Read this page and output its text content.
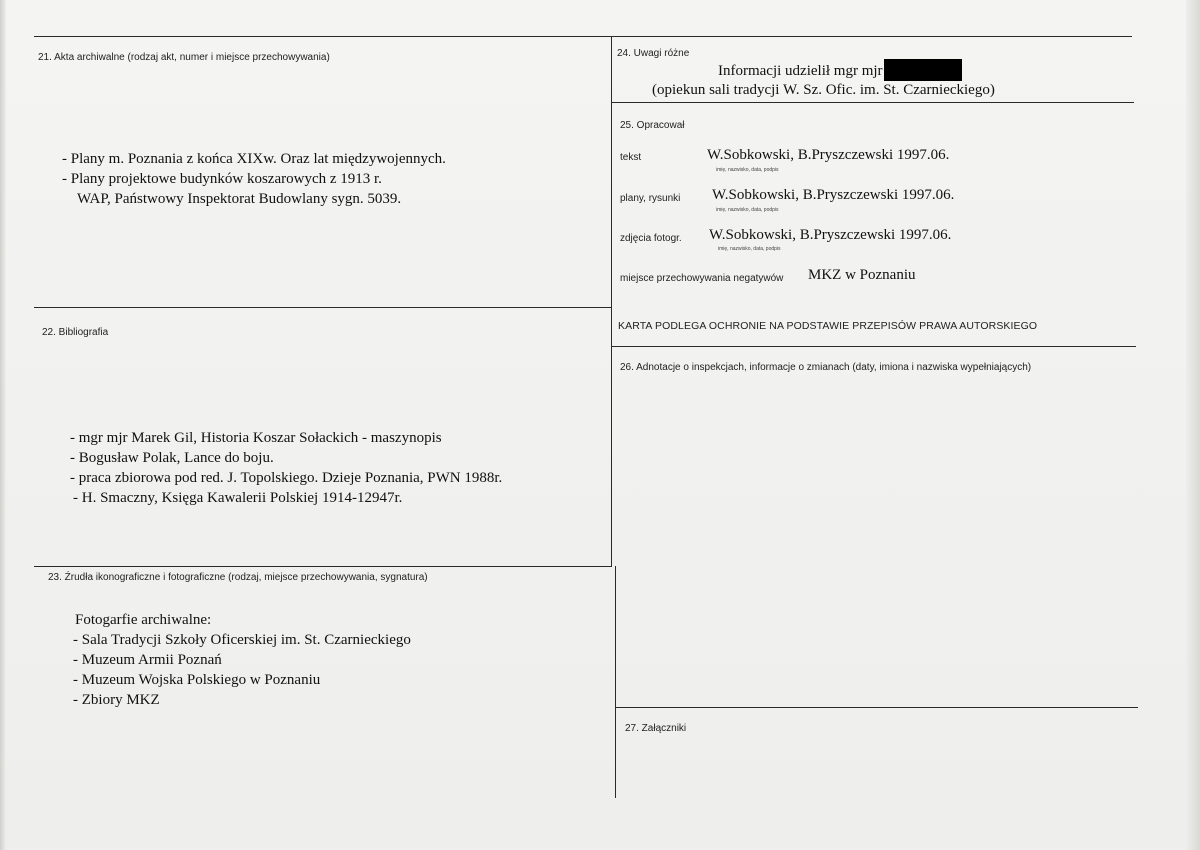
21. Akta archiwalne (rodzaj akt, numer i miejsce przechowywania)
- Plany m. Poznania z końca XIXw. Oraz lat międzywojennych.
- Plany projektowe budynków koszarowych z 1913 r.
WAP, Państwowy Inspektorat Budowlany sygn. 5039.
22. Bibliografia
- mgr mjr Marek Gil, Historia Koszar Sołackich - maszynopis
- Bogusław Polak, Lance do boju.
- praca zbiorowa pod red. J. Topolskiego. Dzieje Poznania, PWN 1988r.
- H. Smaczny, Księga Kawalerii Polskiej 1914-12947r.
23. Źrudła ikonograficzne i fotograficzne (rodzaj, miejsce przechowywania, sygnatura)
Fotogarfie archiwalne:
- Sala Tradycji Szkoły Oficerskiej im. St. Czarnieckiego
- Muzeum Armii Poznań
- Muzeum Wojska Polskiego w Poznaniu
- Zbiory MKZ
24. Uwagi różne
Informacji udzielił mgr mjr
(opiekun sali tradycji W. Sz. Ofic. im. St. Czarnieckiego)
25. Opracował
tekst	W.Sobkowski, B.Pryszczewski 1997.06.
imię, nazwisko, data, podpis
plany, rysunki W.Sobkowski, B.Pryszczewski 1997.06.
imię, nazwisko, data, podpis
zdjęcia fotogr. W.Sobkowski, B.Pryszczewski 1997.06.
imię, nazwisko, data, podpis
miejsce przechowywania negatywów MKZ w Poznaniu
KARTA PODLEGA OCHRONIE NA PODSTAWIE PRZEPISÓW PRAWA AUTORSKIEGO
26. Adnotacje o inspekcjach, informacje o zmianach (daty, imiona i nazwiska wypełniających)
27. Załączniki
